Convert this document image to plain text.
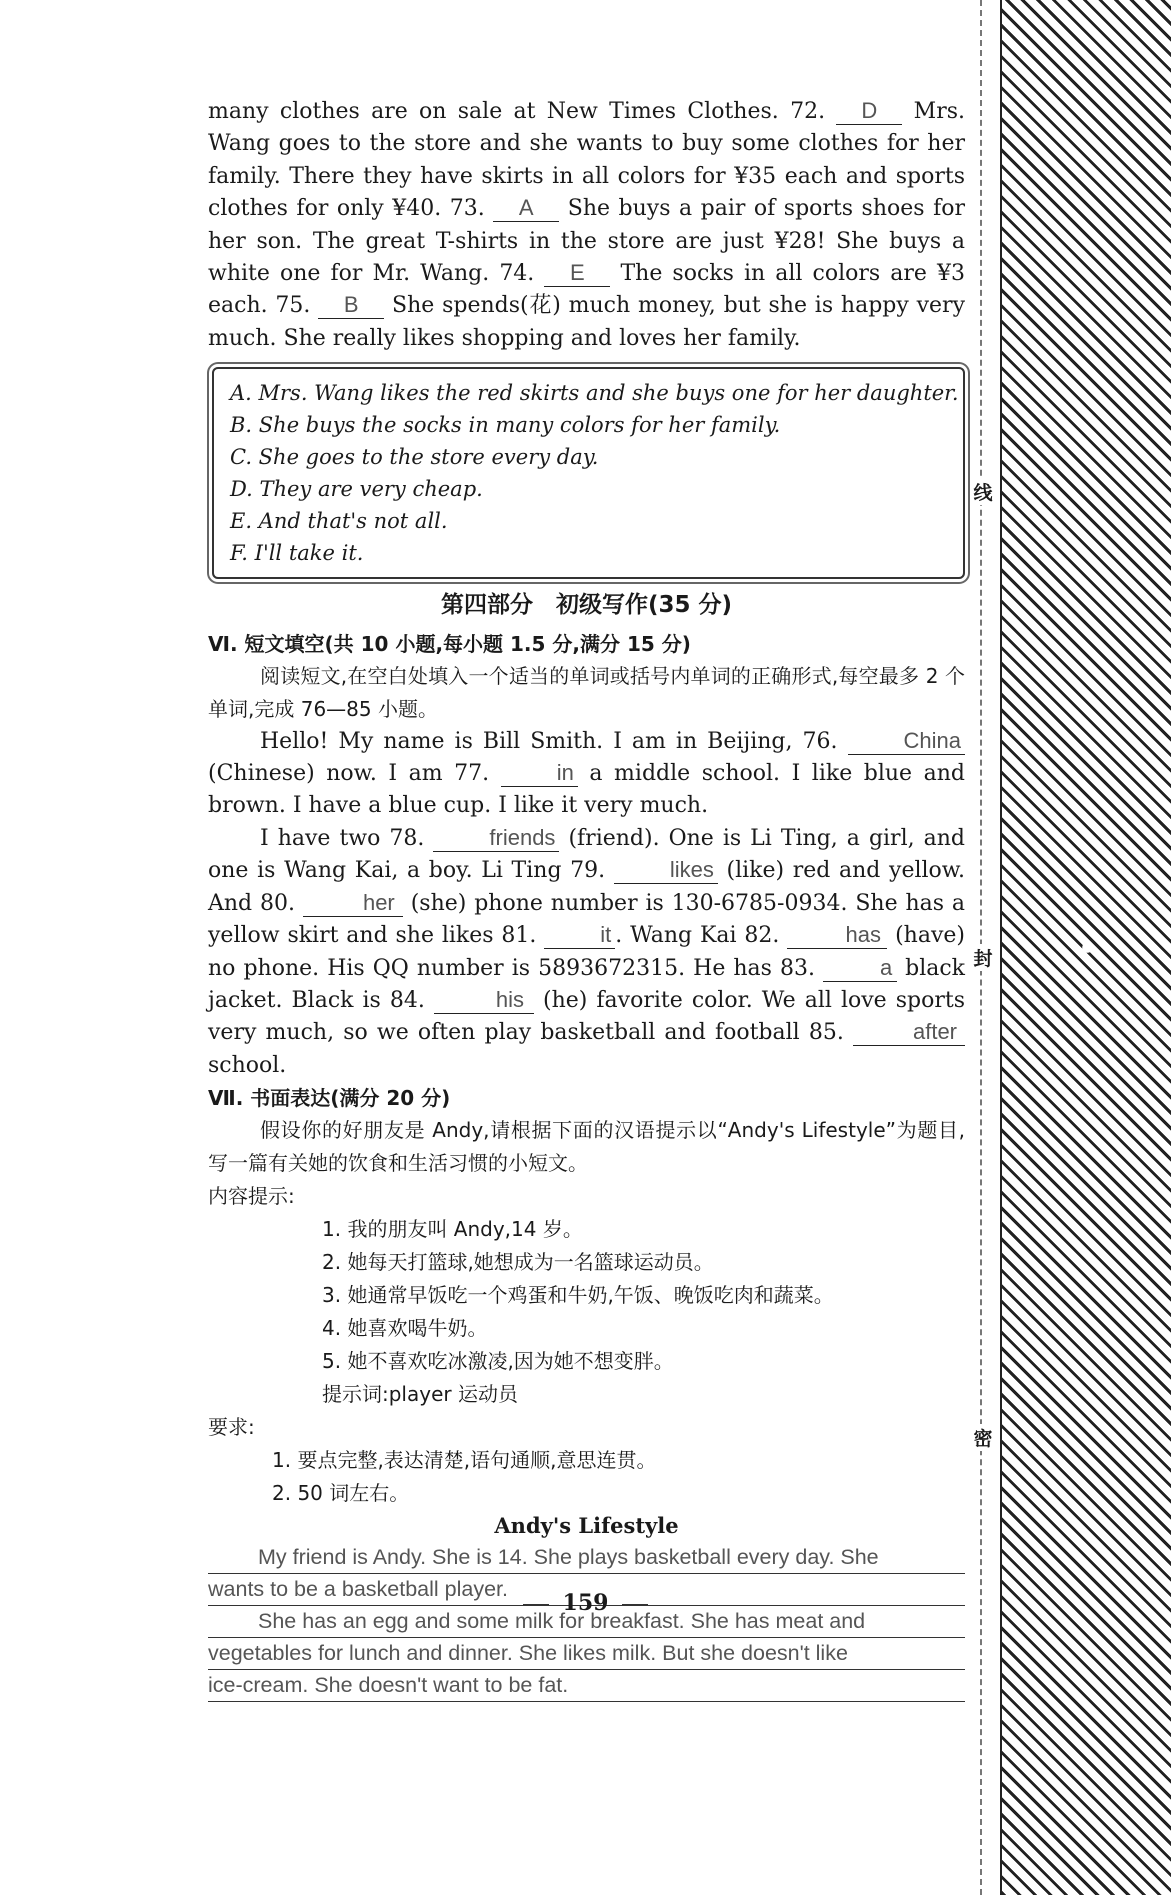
many clothes are on sale at New Times Clothes. 72. D Mrs. Wang goes to the store and she wants to buy some clothes for her family. There they have skirts in all colors for ¥35 each and sports clothes for only ¥40. 73. A She buys a pair of sports shoes for her son. The great T-shirts in the store are just ¥28! She buys a white one for Mr. Wang. 74. E The socks in all colors are ¥3 each. 75. B She spends(花) much money, but she is happy very much. She really likes shopping and loves her family.

A. Mrs. Wang likes the red skirts and she buys one for her daughter.
B. She buys the socks in many colors for her family.
C. She goes to the store every day.
D. They are very cheap.
E. And that's not all.
F. I'll take it.
第四部分　初级写作(35 分)
Ⅵ. 短文填空(共 10 小题,每小题 1.5 分,满分 15 分)

阅读短文,在空白处填入一个适当的单词或括号内单词的正确形式,每空最多 2 个单词,完成 76—85 小题。

Hello! My name is Bill Smith. I am in Beijing, 76.	China (Chinese) now. I am 77.	in a middle school. I like blue and brown. I have a blue cup. I like it very much.

I have two 78.	friends (friend). One is Li Ting, a girl, and one is Wang Kai, a boy. Li Ting 79.	likes (like) red and yellow. And 80.	her (she) phone number is 130-6785-0934. She has a yellow skirt and she likes 81.	it . Wang Kai 82.	has (have) no phone. His QQ number is 5893672315. He has 83.	a black jacket. Black is 84.	his (he) favorite color. We all love sports very much, so we often play basketball and football 85.	after school.

Ⅶ. 书面表达(满分 20 分)

假设你的好朋友是 Andy,请根据下面的汉语提示以“Andy's Lifestyle”为题目,写一篇有关她的饮食和生活习惯的小短文。

内容提示:
1. 我的朋友叫 Andy,14 岁。
2. 她每天打篮球,她想成为一名篮球运动员。
3. 她通常早饭吃一个鸡蛋和牛奶,午饭、晚饭吃肉和蔬菜。
4. 她喜欢喝牛奶。
5. 她不喜欢吃冰激凌,因为她不想变胖。
提示词:player 运动员
要求:
1. 要点完整,表达清楚,语句通顺,意思连贯。
2. 50 词左右。
Andy's Lifestyle
My friend is Andy. She is 14. She plays basketball every day. She
wants to be a basketball player.
She has an egg and some milk for breakfast. She has meat and
vegetables for lunch and dinner. She likes milk. But she doesn't like
ice-cream. She doesn't want to be fat.
159
线
封
密
